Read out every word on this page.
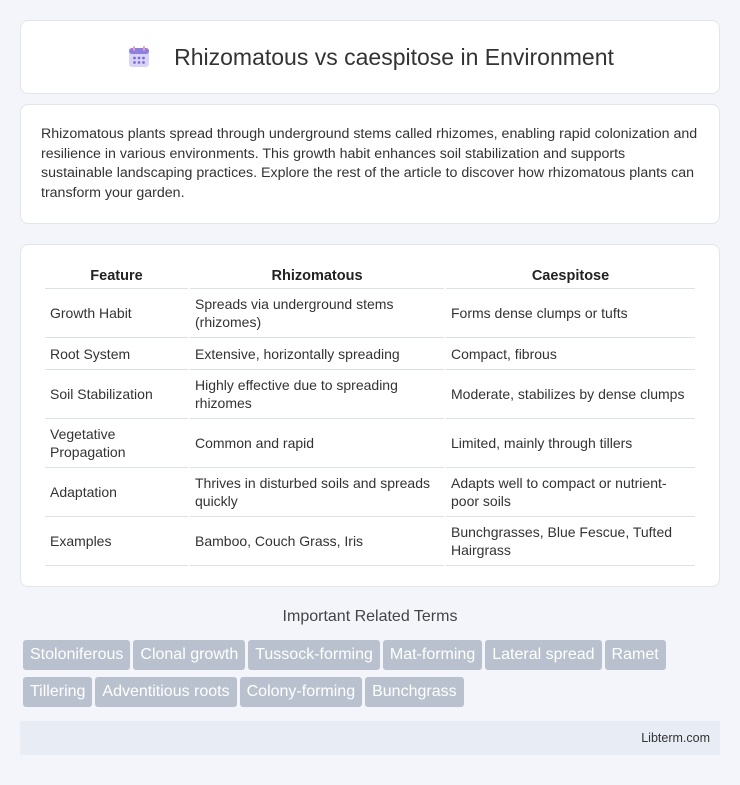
Rhizomatous vs caespitose in Environment

Rhizomatous plants spread through underground stems called rhizomes, enabling rapid colonization and resilience in various environments. This growth habit enhances soil stabilization and supports sustainable landscaping practices. Explore the rest of the article to discover how rhizomatous plants can transform your garden.

Feature	Rhizomatous	Caespitose
Growth Habit	Spreads via underground stems (rhizomes)	Forms dense clumps or tufts
Root System	Extensive, horizontally spreading	Compact, fibrous
Soil Stabilization	Highly effective due to spreading rhizomes	Moderate, stabilizes by dense clumps
Vegetative Propagation	Common and rapid	Limited, mainly through tillers
Adaptation	Thrives in disturbed soils and spreads quickly	Adapts well to compact or nutrient-poor soils
Examples	Bamboo, Couch Grass, Iris	Bunchgrasses, Blue Fescue, Tufted Hairgrass
Important Related Terms
Stoloniferous Clonal growth Tussock-forming Mat-forming Lateral spread Ramet
Tillering Adventitious roots Colony-forming Bunchgrass
Libterm.com
